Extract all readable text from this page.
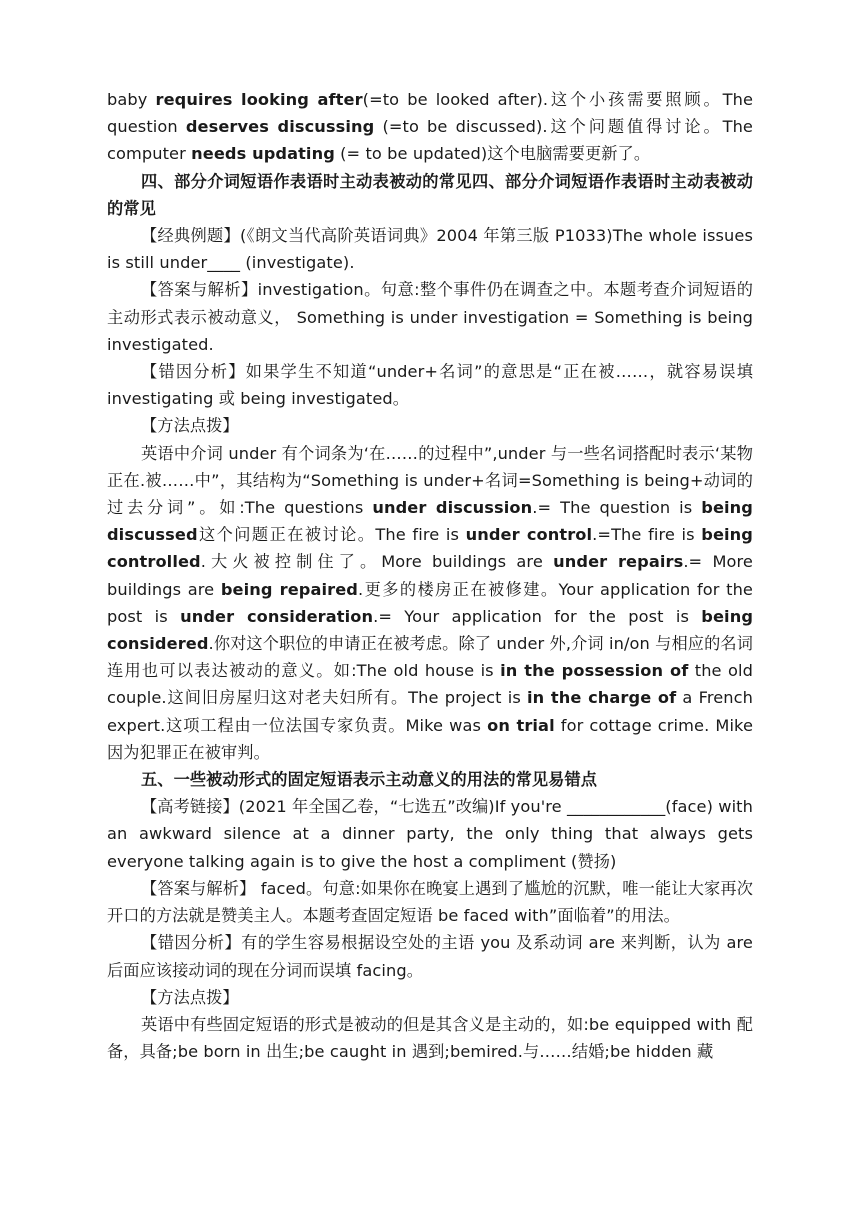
baby requires looking after(=to be looked after).这个小孩需要照顾。The question deserves discussing (=to be discussed).这个问题值得讨论。The computer needs updating (= to be updated)这个电脑需要更新了。

四、部分介词短语作表语时主动表被动的常见四、部分介词短语作表语时主动表被动的常见

【经典例题】(《朗文当代高阶英语词典》2004 年第三版 P1033)The whole issues is still under____ (investigate).

【答案与解析】investigation。句意:整个事件仍在调查之中。本题考查介词短语的主动形式表示被动意义， Something is under investigation = Something is being investigated.

【错因分析】如果学生不知道“under+名词”的意思是“正在被……，就容易误填 investigating 或 being investigated。

【方法点拨】

英语中介词 under 有个词条为‘在……的过程中”,under 与一些名词搭配时表示‘某物正在.被……中”，其结构为“Something is under+名词=Something is being+动词的过去分词”。如:The questions under discussion.= The question is being discussed这个问题正在被讨论。The fire is under control.=The fire is being controlled.大火被控制住了。More buildings are under repairs.= More buildings are being repaired.更多的楼房正在被修建。Your application for the post is under consideration.= Your application for the post is being considered.你对这个职位的申请正在被考虑。除了 under 外,介词 in/on 与相应的名词连用也可以表达被动的意义。如:The old house is in the possession of the old couple.这间旧房屋归这对老夫妇所有。The project is in the charge of a French expert.这项工程由一位法国专家负责。Mike was on trial for cottage crime. Mike 因为犯罪正在被审判。

五、一些被动形式的固定短语表示主动意义的用法的常见易错点

【高考链接】(2021 年全国乙卷，“七选五”改编)If you're ____________(face) with an awkward silence at a dinner party, the only thing that always gets everyone talking again is to give the host a compliment (赞扬)

【答案与解析】 faced。句意:如果你在晚宴上遇到了尴尬的沉默，唯一能让大家再次开口的方法就是赞美主人。本题考查固定短语 be faced with”面临着”的用法。

【错因分析】有的学生容易根据设空处的主语 you 及系动词 are 来判断，认为 are 后面应该接动词的现在分词而误填 facing。

【方法点拨】

英语中有些固定短语的形式是被动的但是其含义是主动的，如:be equipped with 配备，具备;be born in 出生;be caught in 遇到;bemired.与……结婚;be hidden 藏
